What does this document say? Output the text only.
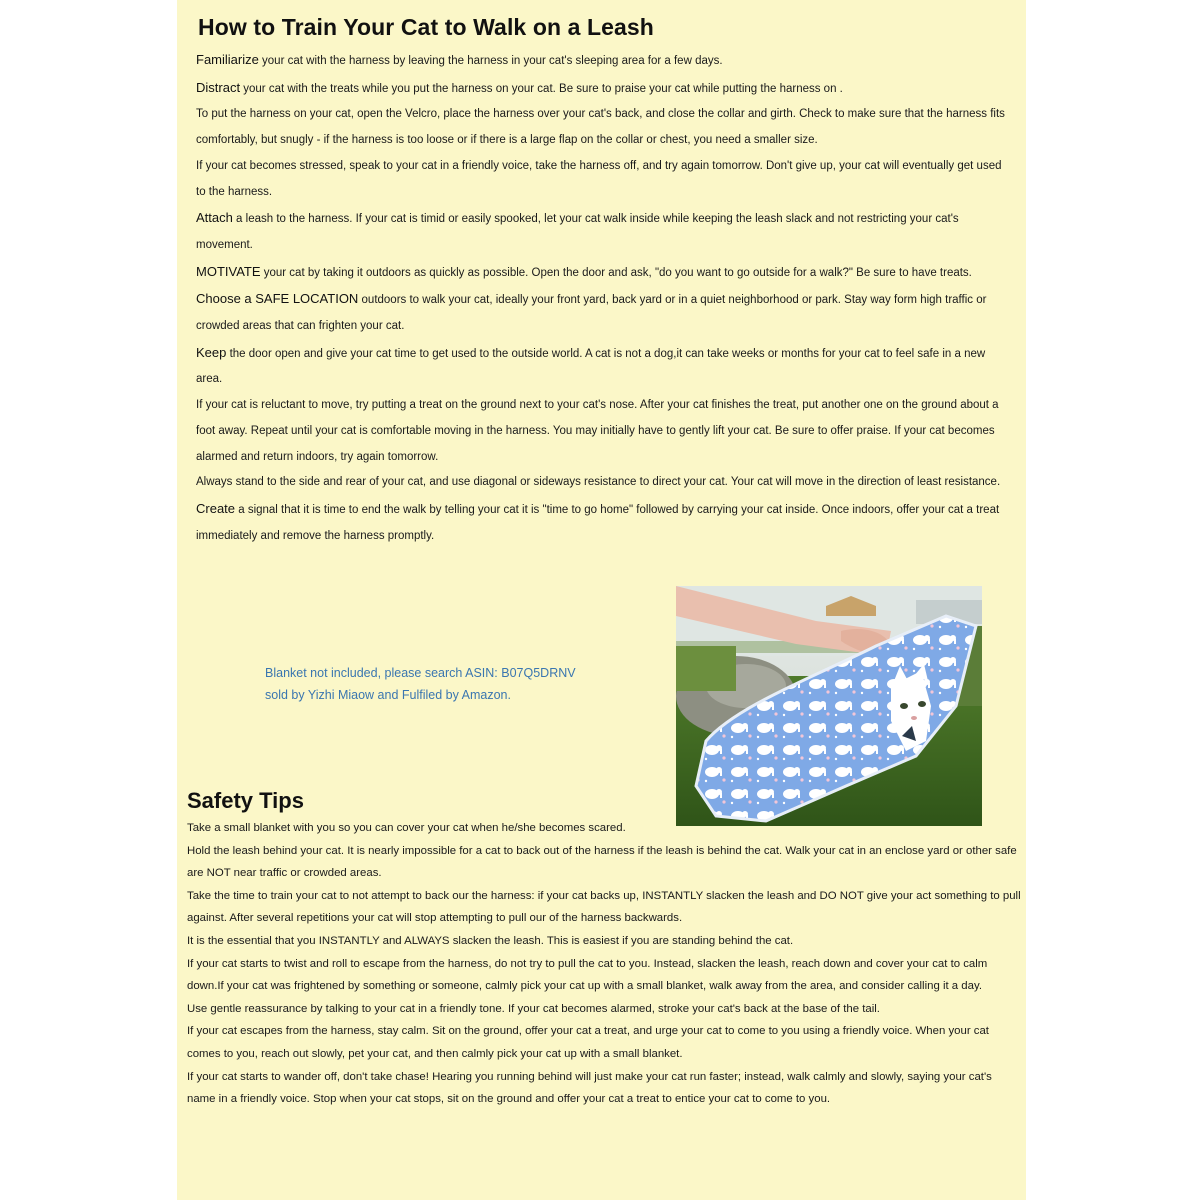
How to Train Your Cat to Walk on a Leash

Familiarize your cat with the harness by leaving the harness in your cat's sleeping area for a few days.

Distract your cat with the treats while you put the harness on your cat. Be sure to praise your cat while putting the harness on .

To put the harness on your cat, open the Velcro, place the harness over your cat's back, and close the collar and girth. Check to make sure that the harness fits comfortably, but snugly - if the harness is too loose or if there is a large flap on the collar or chest, you need a smaller size.

If your cat becomes stressed, speak to your cat in a friendly voice, take the harness off, and try again tomorrow. Don't give up, your cat will eventually get used to the harness.

Attach a leash to the harness. If your cat is timid or easily spooked, let your cat walk inside while keeping the leash slack and not restricting your cat's movement.

MOTIVATE your cat by taking it outdoors as quickly as possible. Open the door and ask, "do you want to go outside for a walk?" Be sure to have treats.

Choose a SAFE LOCATION outdoors to walk your cat, ideally your front yard, back yard or in a quiet neighborhood or park. Stay way form high traffic or crowded areas that can frighten your cat.

Keep the door open and give your cat time to get used to the outside world. A cat is not a dog,it can take weeks or months for your cat to feel safe in a new area.

If your cat is reluctant to move, try putting a treat on the ground next to your cat's nose. After your cat finishes the treat, put another one on the ground about a foot away. Repeat until your cat is comfortable moving in the harness. You may initially have to gently lift your cat. Be sure to offer praise. If your cat becomes alarmed and return indoors, try again tomorrow.

Always stand to the side and rear of your cat, and use diagonal or sideways resistance to direct your cat. Your cat will move in the direction of least resistance.

Create a signal that it is time to end the walk by telling your cat it is "time to go home" followed by carrying your cat inside. Once indoors, offer your cat a treat immediately and remove the harness promptly.

Blanket not included, please search ASIN: B07Q5DRNV
sold by Yizhi Miaow and Fulfiled by Amazon.
Safety Tips

Take a small blanket with you so you can cover your cat when he/she becomes scared.

Hold the leash behind your cat. It is nearly impossible for a cat to back out of the harness if the leash is behind the cat. Walk your cat in an enclose yard or other safe are NOT near traffic or crowded areas.

Take the time to train your cat to not attempt to back our the harness: if your cat backs up, INSTANTLY slacken the leash and DO NOT give your act something to pull against. After several repetitions your cat will stop attempting to pull our of the harness backwards.

It is the essential that you INSTANTLY and ALWAYS slacken the leash. This is easiest if you are standing behind the cat.

If your cat starts to twist and roll to escape from the harness, do not try to pull the cat to you. Instead, slacken the leash, reach down and cover your cat to calm down.If your cat was frightened by something or someone, calmly pick your cat up with a small blanket, walk away from the area, and consider calling it a day.

Use gentle reassurance by talking to your cat in a friendly tone. If your cat becomes alarmed, stroke your cat's back at the base of the tail.

If your cat escapes from the harness, stay calm. Sit on the ground, offer your cat a treat, and urge your cat to come to you using a friendly voice. When your cat comes to you, reach out slowly, pet your cat, and then calmly pick your cat up with a small blanket.

If your cat starts to wander off, don't take chase! Hearing you running behind will just make your cat run faster; instead, walk calmly and slowly, saying your cat's name in a friendly voice. Stop when your cat stops, sit on the ground and offer your cat a treat to entice your cat to come to you.
